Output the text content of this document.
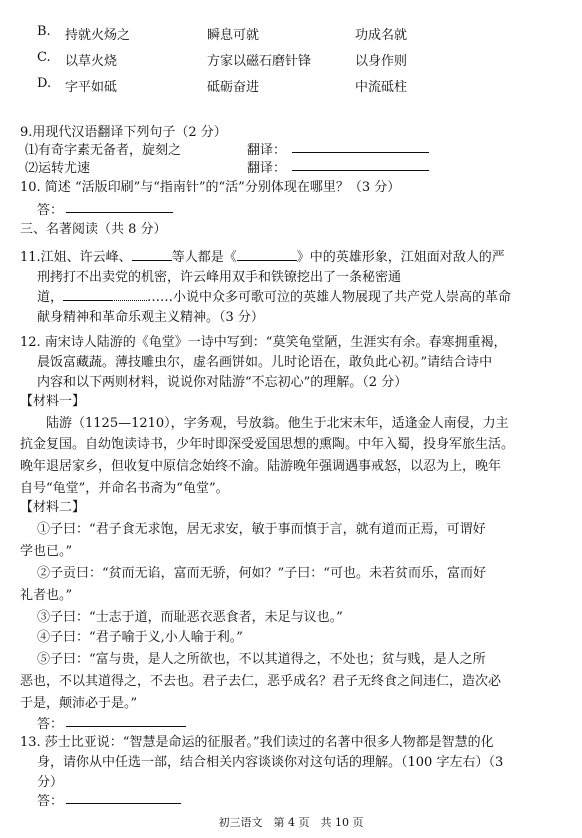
B. 持就火炀之	瞬息可就	功成名就
C. 以草火烧	方家以磁石磨针锋	以身作则
D. 字平如砥	砥砺奋进	中流砥柱
9.用现代汉语翻译下列句子（2 分）
⑴有奇字素无备者，旋刻之	翻译：
⑵运转尤速	翻译：
10. 简述 “活版印刷”与“指南针”的“活”分别体现在哪里？（3 分）
答：
三、名著阅读（共 8 分）
11.江姐、许云峰、	等人都是《	》中的英雄形象，江姐面对敌人的严
刑拷打不出卖党的机密，许云峰用双手和铁镣挖出了一条秘密通
道，	……小说中众多可歌可泣的英雄人物展现了共产党人崇高的革命
献身精神和革命乐观主义精神。（3 分）
12. 南宋诗人陆游的《龟堂》一诗中写到：“莫笑龟堂陋，生涯实有余。春寒拥重褐，
晨饭富藏蔬。薄技雕虫尔，虚名画饼如。儿时论语在，敢负此心初。”请结合诗中
内容和以下两则材料，说说你对陆游“不忘初心”的理解。（2 分）
【材料一】
陆游（1125—1210），字务观，号放翁。他生于北宋末年，适逢金人南侵，力主
抗金复国。自幼饱读诗书，少年时即深受爱国思想的熏陶。中年入蜀，投身军旅生活。
晚年退居家乡，但收复中原信念始终不渝。陆游晚年强调遇事戒怒，以忍为上，晚年
自号“龟堂”，并命名书斋为“龟堂”。
【材料二】
①子曰：“君子食无求饱，居无求安，敏于事而慎于言，就有道而正焉，可谓好
学也已。”
②子贡曰：“贫而无谄，富而无骄，何如？”子曰：“可也。未若贫而乐，富而好
礼者也。”
③子曰：“士志于道，而耻恶衣恶食者，未足与议也。”
④子曰：“君子喻于义,小人喻于利。”
⑤子曰：“富与贵，是人之所欲也，不以其道得之，不处也；贫与贱，是人之所
恶也，不以其道得之，不去也。君子去仁，恶乎成名？君子无终食之间违仁，造次必
于是，颠沛必于是。”
答：
13. 莎士比亚说：“智慧是命运的征服者。”我们读过的名著中很多人物都是智慧的化
身，请你从中任选一部，结合相关内容谈谈你对这句话的理解。（100 字左右）（3
分）
答：
初三语文　第 4 页　共 10 页
